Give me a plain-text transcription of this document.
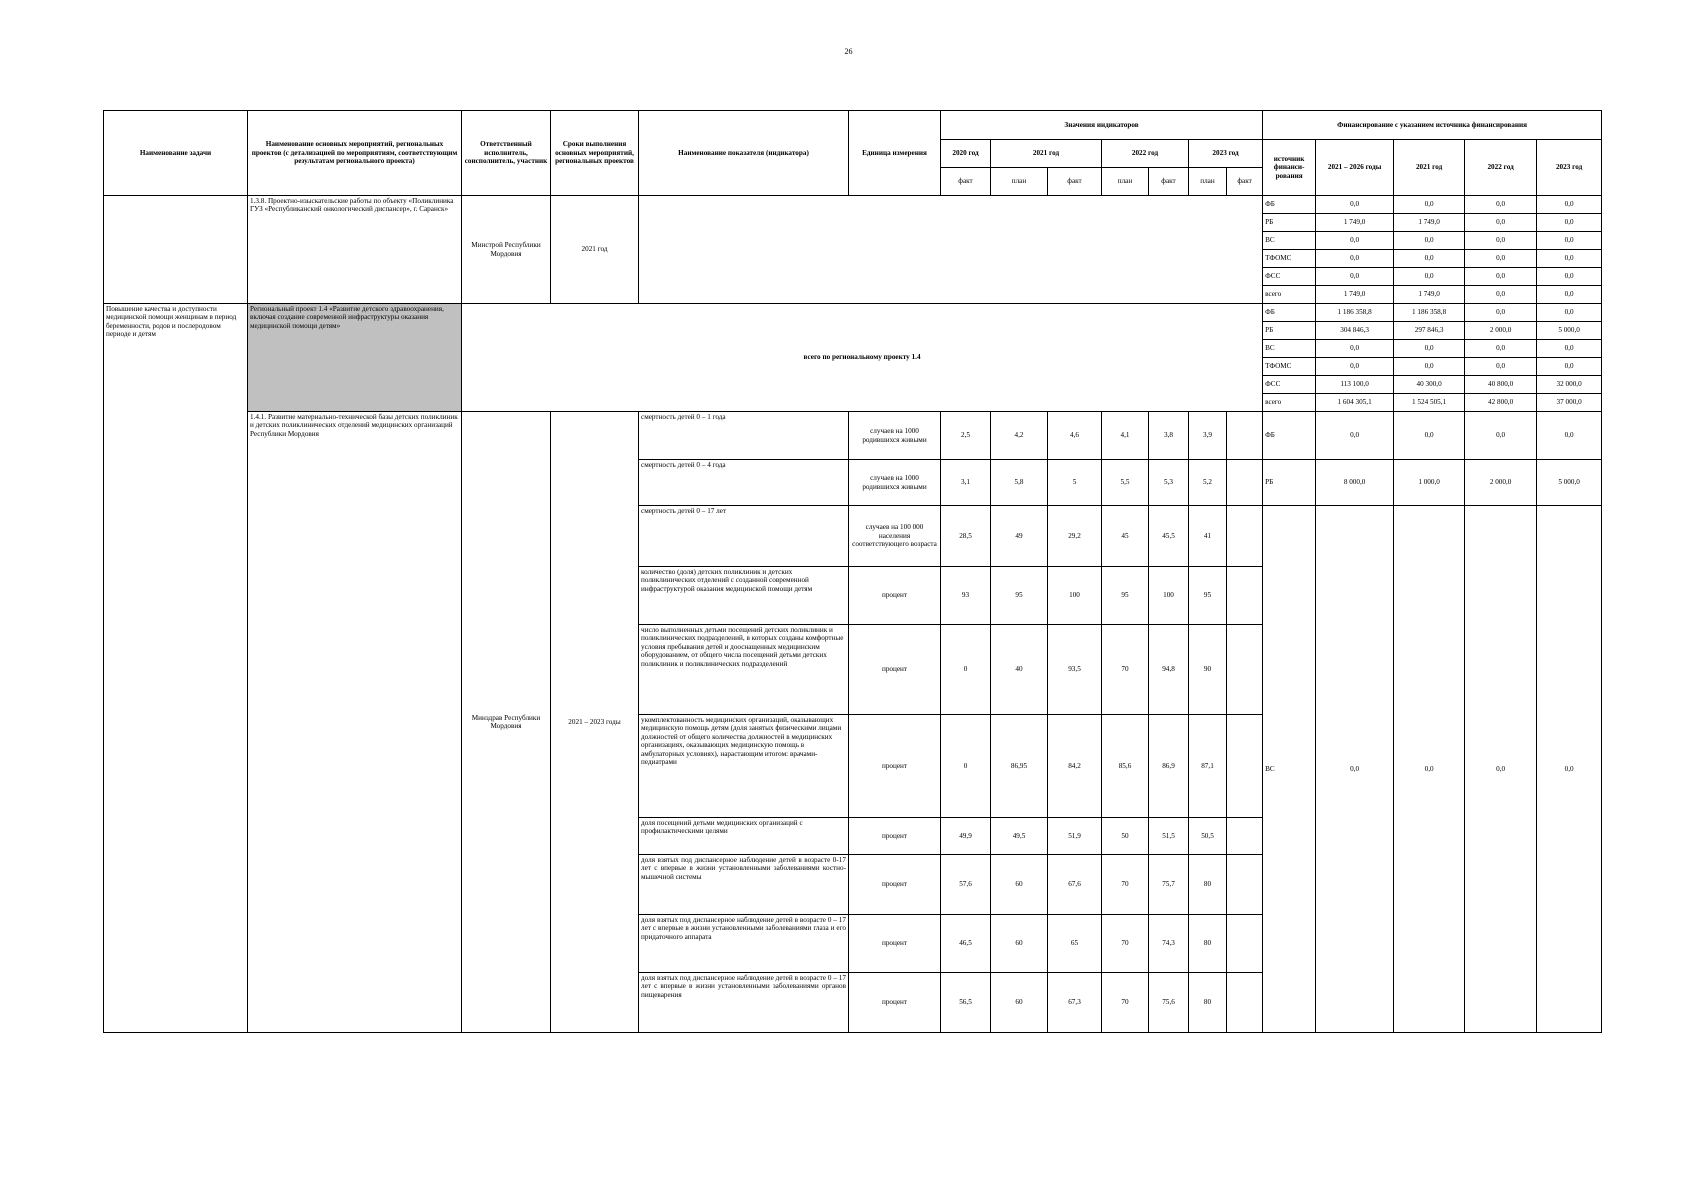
26
Наименование задачи	Наименование основных мероприятий, региональных проектов (с детализацией по мероприятиям, соответствующим результатам регионального проекта)	Ответственный исполнитель, соисполнитель, участник	Сроки выполнения основных мероприятий, региональных проектов	Наименование показателя (индикатора)	Единица измерения	Значения индикаторов							Финансирование с указанием источника финансирования				
						2020 год	2021 год		2022 год		2023 год		источник финанси-рования	2021 – 2026 годы	2021 год	2022 год	2023 год
						факт	план	факт	план	факт	план	факт					
	1.3.8. Проектно-изыскательские работы по объекту «Поликлиника ГУЗ «Республиканский онкологический диспансер», г. Саранск»	Минстрой Республики Мордовия	2021 год										ФБ	0,0	0,0	0,0	0,0
													РБ	1 749,0	1 749,0	0,0	0,0
													ВС	0,0	0,0	0,0	0,0
													ТФОМС	0,0	0,0	0,0	0,0
													ФСС	0,0	0,0	0,0	0,0
													всего	1 749,0	1 749,0	0,0	0,0
Повышение качества и доступности медицинской помощи женщинам в период беременности, родов и послеродовом периоде и детям	Региональный проект 1.4 «Развитие детского здравоохранения, включая создание современной инфраструктуры оказания медицинской помощи детям»	всего по региональному проекту 1.4											ФБ	1 186 358,8	1 186 358,8	0,0	0,0
													РБ	304 846,3	297 846,3	2 000,0	5 000,0
													ВС	0,0	0,0	0,0	0,0
													ТФОМС	0,0	0,0	0,0	0,0
													ФСС	113 100,0	40 300,0	40 800,0	32 000,0
													всего	1 604 305,1	1 524 505,1	42 800,0	37 000,0
	1.4.1. Развитие материально-технической базы детских поликлиник и детских поликлинических отделений медицинских организаций Республики Мордовия	Минздрав Республики Мордовия	2021 – 2023 годы	смертность детей 0 – 1 года	случаев на 1000 родившихся живыми	2,5	4,2	4,6	4,1	3,8	3,9		ФБ	0,0	0,0	0,0	0,0
				смертность детей 0 – 4 года	случаев на 1000 родившихся живыми	3,1	5,8	5	5,5	5,3	5,2		РБ	8 000,0	1 000,0	2 000,0	5 000,0
				смертность детей 0 – 17 лет	случаев на 100 000 населения соответствующего возраста	28,5	49	29,2	45	45,5	41		ВС	0,0	0,0	0,0	0,0
				количество (доля) детских поликлиник и детских поликлинических отделений с созданной современной инфраструктурой оказания медицинской помощи детям	процент	93	95	100	95	100	95						
				число выполненных детьми посещений детских поликлиник и поликлинических подразделений, в которых созданы комфортные условия пребывания детей и дооснащенных медицинским оборудованием, от общего числа посещений детьми детских поликлиник и поликлинических подразделений	процент	0	40	93,5	70	94,8	90						
				укомплектованность медицинских организаций, оказывающих медицинскую помощь детям (доля занятых физическими лицами должностей от общего количества должностей в медицинских организациях, оказывающих медицинскую помощь в амбулаторных условиях), нарастающим итогом: врачами-педиатрами	процент	0	86,95	84,2	85,6	86,9	87,1						
				доля посещений детьми медицинских организаций с профилактическими целями	процент	49,9	49,5	51,9	50	51,5	50,5						
				доля взятых под диспансерное наблюдение детей в возрасте 0-17 лет с впервые в жизни установленными заболеваниями костно-мышечной системы	процент	57,6	60	67,6	70	75,7	80						
				доля взятых под диспансерное наблюдение детей в возрасте 0 – 17 лет с впервые в жизни установленными заболеваниями глаза и его придаточного аппарата	процент	46,5	60	65	70	74,3	80						
				доля взятых под диспансерное наблюдение детей в возрасте 0 – 17 лет с впервые в жизни установленными заболеваниями органов пищеварения	процент	56,5	60	67,3	70	75,6	80						
